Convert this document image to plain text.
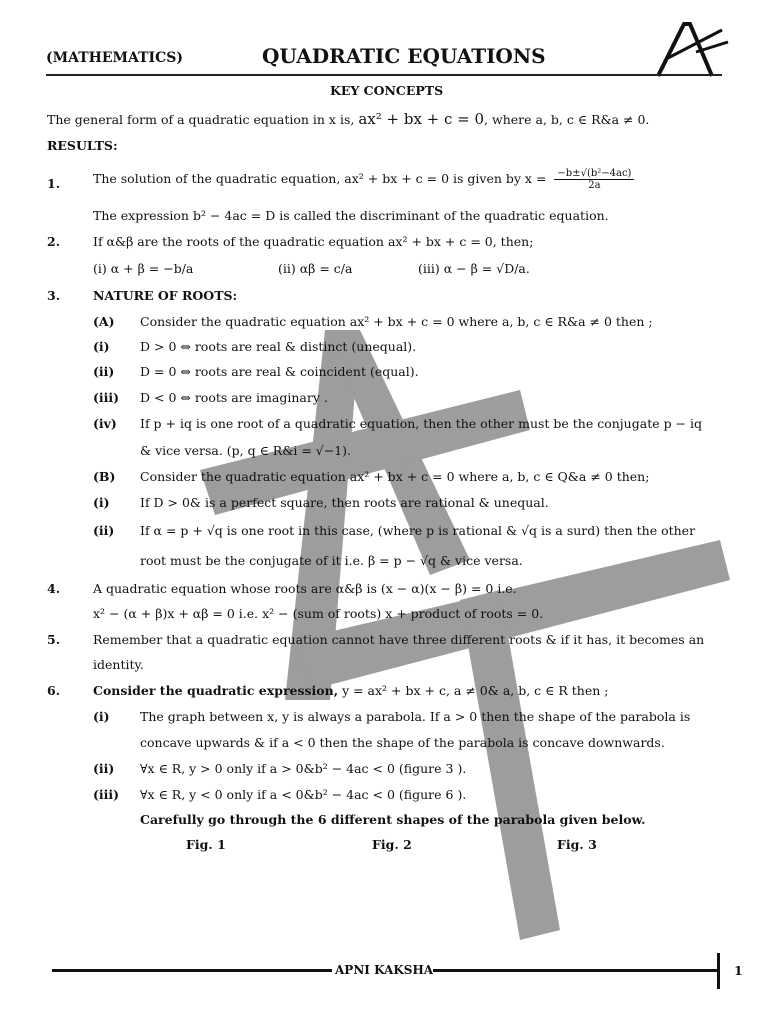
(MATHEMATICS)	QUADRATIC EQUATIONS
KEY CONCEPTS
The general form of a quadratic equation in x is, ax² + bx + c = 0, where a, b, c ∈ R&a ≠ 0.
RESULTS:
1.	The solution of the quadratic equation, ax² + bx + c = 0 is given by $x = \frac{\text{−b±√(b²−4ac)}}{2a}$
The expression b² − 4ac = D is called the discriminant of the quadratic equation.
2.	If α&β are the roots of the quadratic equation ax² + bx + c = 0, then;
(i) α + β = −b/a	(ii) αβ = c/a	(iii) α − β = √D/a.
3.	NATURE OF ROOTS:
(A) Consider the quadratic equation ax² + bx + c = 0 where a, b, c ∈ R&a ≠ 0 then ;
(i) D > 0 ⇔ roots are real & distinct (unequal).
(ii) D = 0 ⇔ roots are real & coincident (equal).
(iii) D < 0 ⇔ roots are imaginary .
(iv) If p + iq is one root of a quadratic equation, then the other must be the conjugate p − iq
& vice versa. (p, q ∈ R&i = √−1).
(B) Consider the quadratic equation ax² + bx + c = 0 where a, b, c ∈ Q&a ≠ 0 then;
(i) If D > 0& is a perfect square, then roots are rational & unequal.
(ii) If α = p + √q is one root in this case, (where p is rational & √q is a surd) then the other
root must be the conjugate of it i.e. β = p − √q & vice versa.
4.	A quadratic equation whose roots are α&β is (x − α)(x − β) = 0 i.e.
x² − (α + β)x + αβ = 0 i.e. x² − (sum of roots) x + product of roots = 0.
5.	Remember that a quadratic equation cannot have three different roots & if it has, it becomes an
identity.
6.	Consider the quadratic expression, y = ax² + bx + c, a ≠ 0& a, b, c ∈ R then ;
(i) The graph between x, y is always a parabola. If a > 0 then the shape of the parabola is
concave upwards & if a < 0 then the shape of the parabola is concave downwards.
(ii) ∀x ∈ R, y > 0 only if a > 0&b² − 4ac < 0 (figure 3 ).
(iii) ∀x ∈ R, y < 0 only if a < 0&b² − 4ac < 0 (figure 6 ).
Carefully go through the 6 different shapes of the parabola given below.
Fig. 1	Fig. 2	Fig. 3
APNI KAKSHA	1
